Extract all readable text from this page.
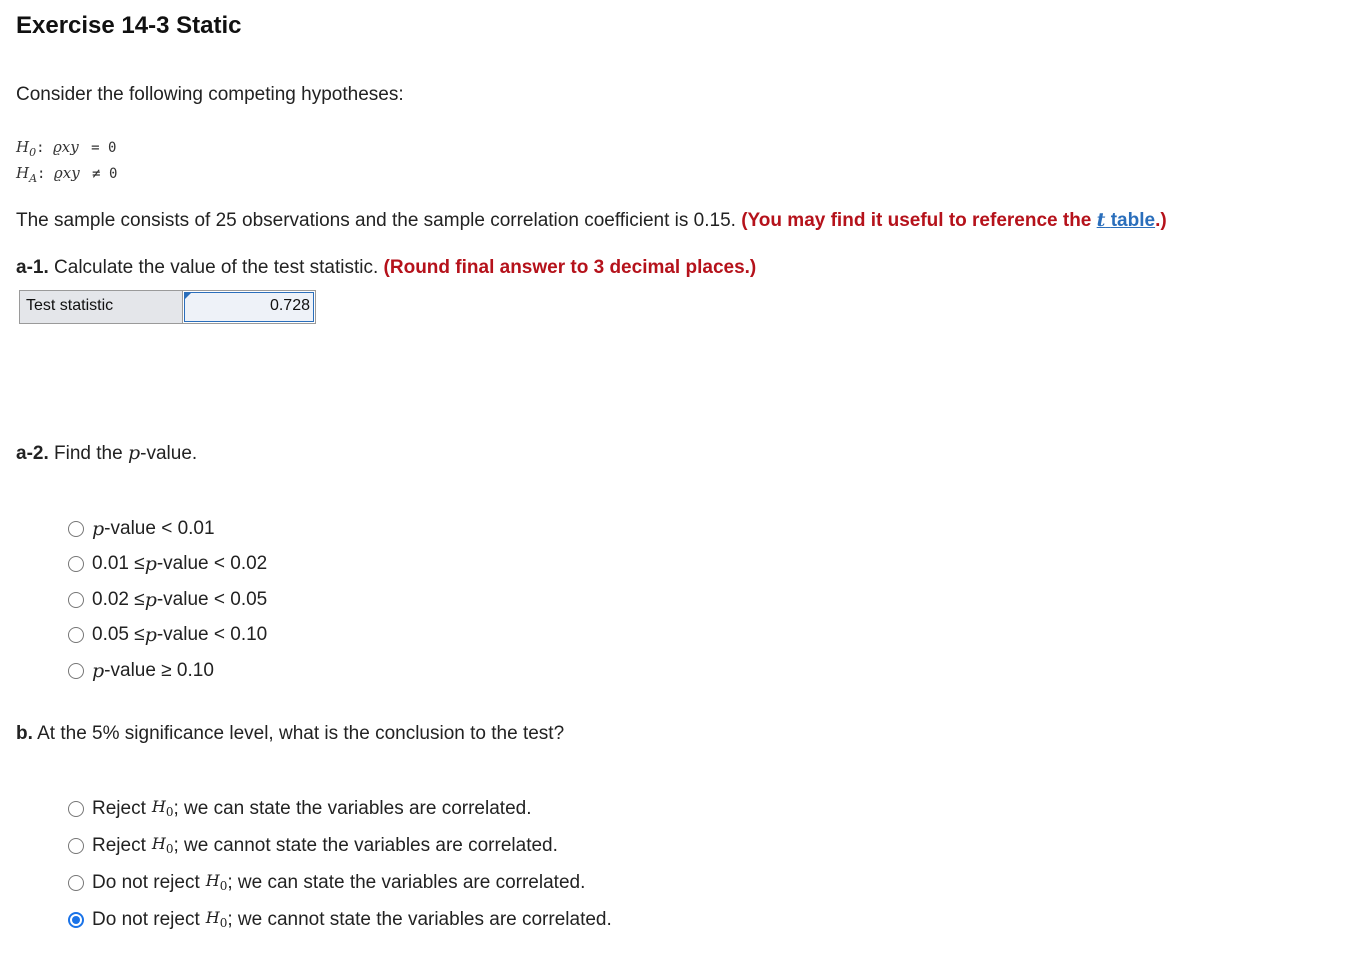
Exercise 14-3 Static
Consider the following competing hypotheses:
$H_0$: ϱxy = 0
$H_A$: ϱxy ≠ 0
The sample consists of 25 observations and the sample correlation coefficient is 0.15. (You may find it useful to reference the t table.)
a-1. Calculate the value of the test statistic. (Round final answer to 3 decimal places.)
Test statistic	0.728
a-2. Find the p-value.
p -value < 0.01
0.01 ≤ p -value < 0.02
0.02 ≤ p -value < 0.05
0.05 ≤ p -value < 0.10
p -value ≥ 0.10
b. At the 5% significance level, what is the conclusion to the test?
Reject $H_0$ ; we can state the variables are correlated.
Reject $H_0$ ; we cannot state the variables are correlated.
Do not reject $H_0$ ; we can state the variables are correlated.
Do not reject $H_0$ ; we cannot state the variables are correlated.
